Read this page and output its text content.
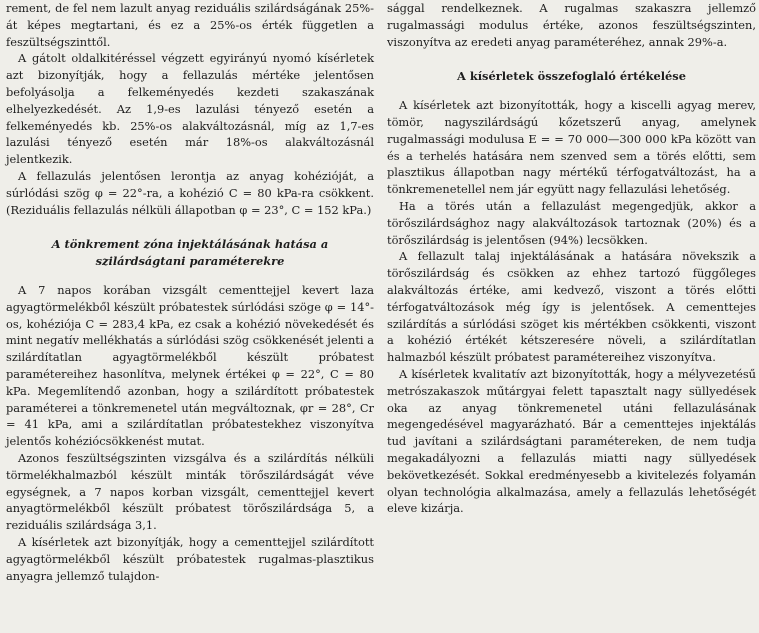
rement, de fel nem lazult anyag reziduális szilárdságának 25%-át képes megtartani, és ez a 25%-os érték független a feszültségszinttől.

A gátolt oldalkitéréssel végzett egyirányú nyomó kísérletek azt bizonyítják, hogy a fellazulás mértéke jelentősen befolyásolja a felkeményedés kezdeti szakaszának elhelyezkedését. Az 1,9-es lazulási tényező esetén a felkeményedés kb. 25%-os alakváltozásnál, míg az 1,7-es lazulási tényező esetén már 18%-os alakváltozásnál jelentkezik.

A fellazulás jelentősen lerontja az anyag kohézióját, a súrlódási szög φ = 22°-ra, a kohézió C = 80 kPa-ra csökkent. (Reziduális fellazulás nélküli állapotban φ = 23°, C = 152 kPa.)

A tönkrement zóna injektálásának hatása a szilárdságtani paraméterekre

A 7 napos korában vizsgált cementtejjel kevert laza agyagtörmelékből készült próbatestek súrlódási szöge φ = 14°-os, kohéziója C = 283,4 kPa, ez csak a kohézió növekedését és mint negatív mellékhatás a súrlódási szög csökkenését jelenti a szilárdítatlan agyagtörmelékből készült próbatest paramétereihez hasonlítva, melynek értékei φ = 22°, C = 80 kPa. Megemlítendő azonban, hogy a szilárdított próbatestek paraméterei a tönkremenetel után megváltoznak, φr = 28°, Cr = 41 kPa, ami a szilárdítatlan próbatestekhez viszonyítva jelentős kohéziócsökkenést mutat.

Azonos feszültségszinten vizsgálva és a szilárdítás nélküli törmelékhalmazból készült minták törőszilárdságát véve egységnek, a 7 napos korban vizsgált, cementtejjel kevert anyagtörmelékből készült próbatest törőszilárdsága 5, a reziduális szilárdsága 3,1.

A kísérletek azt bizonyítják, hogy a cementtejjel szilárdított agyagtörmelékből készült próbatestek rugalmas-plasztikus anyagra jellemző tulajdon-

sággal rendelkeznek. A rugalmas szakaszra jellemző rugalmassági modulus értéke, azonos feszültségszinten, viszonyítva az eredeti anyag paraméteréhez, annak 29%-a.

A kísérletek összefoglaló értékelése

A kísérletek azt bizonyították, hogy a kiscelli agyag merev, tömör, nagyszilárdságú kőzetszerű anyag, amelynek rugalmassági modulusa E = = 70 000—300 000 kPa között van és a terhelés hatására nem szenved sem a törés előtti, sem plasztikus állapotban nagy mértékű térfogatváltozást, ha a tönkremenetellel nem jár együtt nagy fellazulási lehetőség.

Ha a törés után a fellazulást megengedjük, akkor a törőszilárdsághoz nagy alakváltozások tartoznak (20%) és a törőszilárdság is jelentősen (94%) lecsökken.

A fellazult talaj injektálásának a hatására növekszik a törőszilárdság és csökken az ehhez tartozó függőleges alakváltozás értéke, ami kedvező, viszont a törés előtti térfogatváltozások még így is jelentősek. A cementtejes szilárdítás a súrlódási szöget kis mértékben csökkenti, viszont a kohézió értékét kétszeresére növeli, a szilárdítatlan halmazból készült próbatest paramétereihez viszonyítva.

A kísérletek kvalitatív azt bizonyították, hogy a mélyvezetésű metrószakaszok műtárgyai felett tapasztalt nagy süllyedések oka az anyag tönkremenetel utáni fellazulásának megengedésével magyarázható. Bár a cementtejes injektálás tud javítani a szilárdságtani paramétereken, de nem tudja megakadályozni a fellazulás miatti nagy süllyedések bekövetkezését. Sokkal eredményesebb a kivitelezés folyamán olyan technológia alkalmazása, amely a fellazulás lehetőségét eleve kizárja.
